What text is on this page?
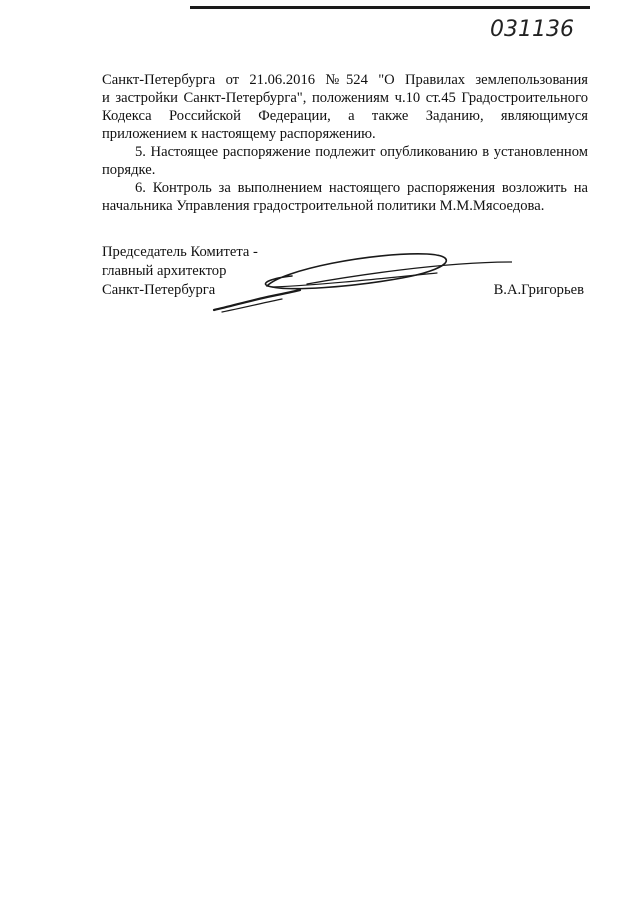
031136

Санкт-Петербурга от 21.06.2016 №524 "О Правилах землепользования

и застройки Санкт-Петербурга", положениям ч.10 ст.45 Градостроительного

Кодекса Российской Федерации, а также Заданию, являющимуся

приложением к настоящему распоряжению.

5. Настоящее распоряжение подлежит опубликованию в установленном

порядке.

6. Контроль за выполнением настоящего распоряжения возложить на

начальника Управления градостроительной политики М.М.Мясоедова.

Председатель Комитета -
главный архитектор
Санкт-Петербурга	В.А.Григорьев
